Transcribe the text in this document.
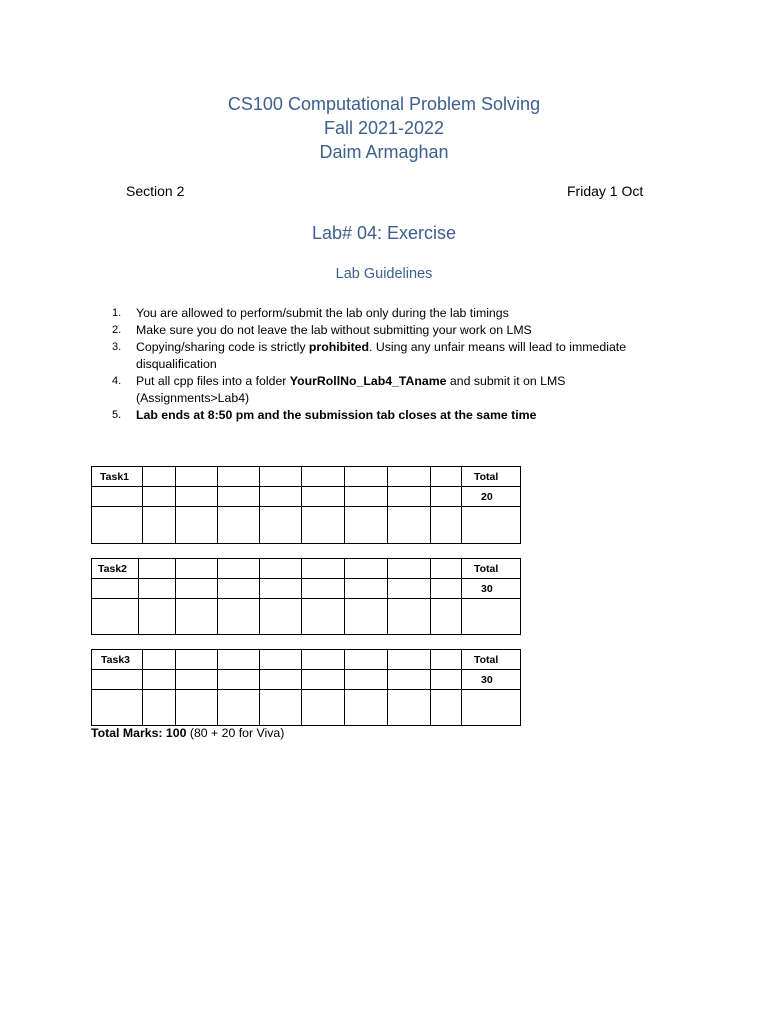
CS100 Computational Problem Solving
Fall 2021-2022
Daim Armaghan
Section 2	Friday 1 Oct
Lab# 04: Exercise
Lab Guidelines
1. You are allowed to perform/submit the lab only during the lab timings
2. Make sure you do not leave the lab without submitting your work on LMS
3. Copying/sharing code is strictly prohibited. Using any unfair means will lead to immediate disqualification
4. Put all cpp files into a folder YourRollNo_Lab4_TAname and submit it on LMS (Assignments>Lab4)
5. Lab ends at 8:50 pm and the submission tab closes at the same time
Task1									Total
									20

Task2									Total
									30

Task3									Total
									30

Total Marks: 100 (80 + 20 for Viva)
